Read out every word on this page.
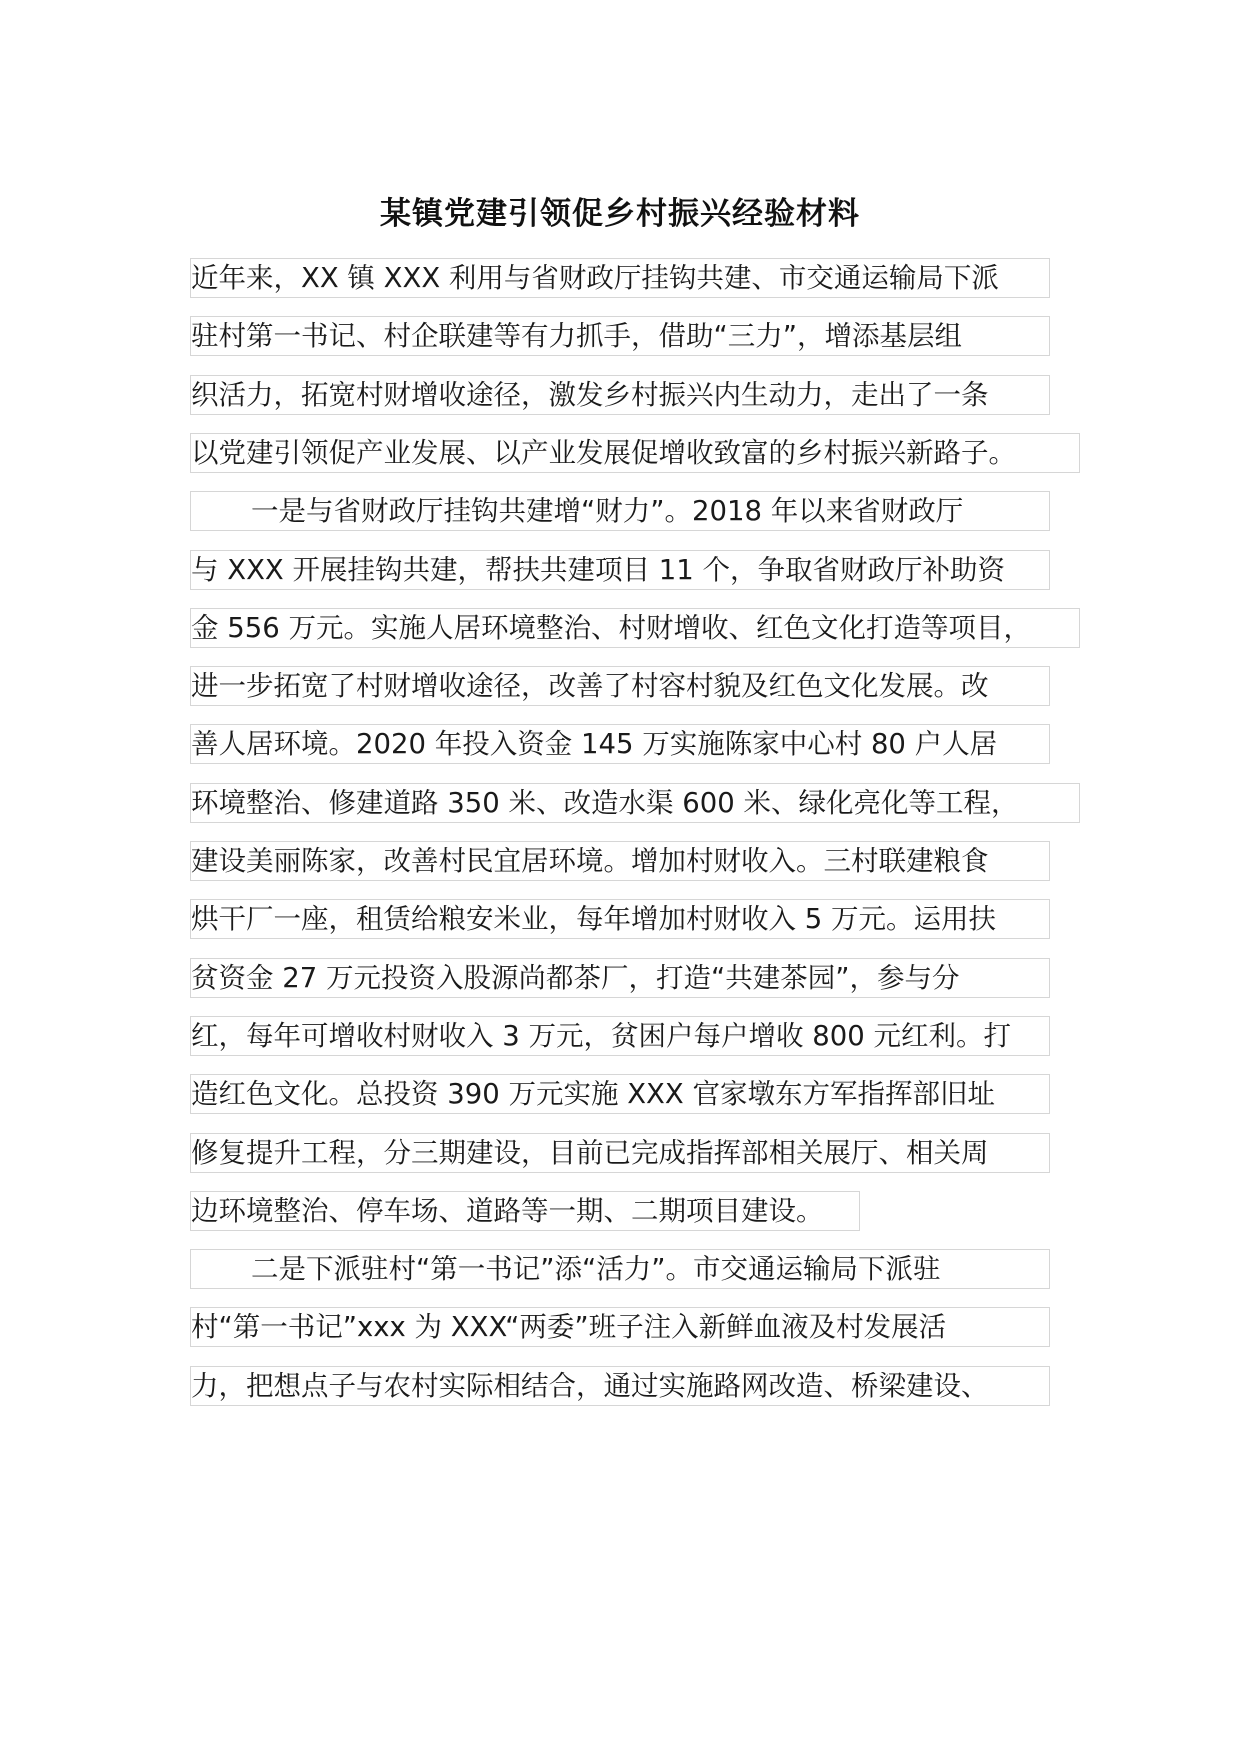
某镇党建引领促乡村振兴经验材料
近年来，XX 镇 XXX 利用与省财政厅挂钩共建、市交通运输局下派
驻村第一书记、村企联建等有力抓手，借助“三力”，增添基层组
织活力，拓宽村财增收途径，激发乡村振兴内生动力，走出了一条
以党建引领促产业发展、以产业发展促增收致富的乡村振兴新路子。
一是与省财政厅挂钩共建增“财力”。2018 年以来省财政厅
与 XXX 开展挂钩共建，帮扶共建项目 11 个，争取省财政厅补助资
金 556 万元。实施人居环境整治、村财增收、红色文化打造等项目，
进一步拓宽了村财增收途径，改善了村容村貌及红色文化发展。改
善人居环境。2020 年投入资金 145 万实施陈家中心村 80 户人居
环境整治、修建道路 350 米、改造水渠 600 米、绿化亮化等工程，
建设美丽陈家，改善村民宜居环境。增加村财收入。三村联建粮食
烘干厂一座，租赁给粮安米业，每年增加村财收入 5 万元。运用扶
贫资金 27 万元投资入股源尚都茶厂，打造“共建茶园”，参与分
红，每年可增收村财收入 3 万元，贫困户每户增收 800 元红利。打
造红色文化。总投资 390 万元实施 XXX 官家墩东方军指挥部旧址
修复提升工程，分三期建设，目前已完成指挥部相关展厅、相关周
边环境整治、停车场、道路等一期、二期项目建设。
二是下派驻村“第一书记”添“活力”。市交通运输局下派驻
村“第一书记”xxx 为 XXX“两委”班子注入新鲜血液及村发展活
力，把想点子与农村实际相结合，通过实施路网改造、桥梁建设、
